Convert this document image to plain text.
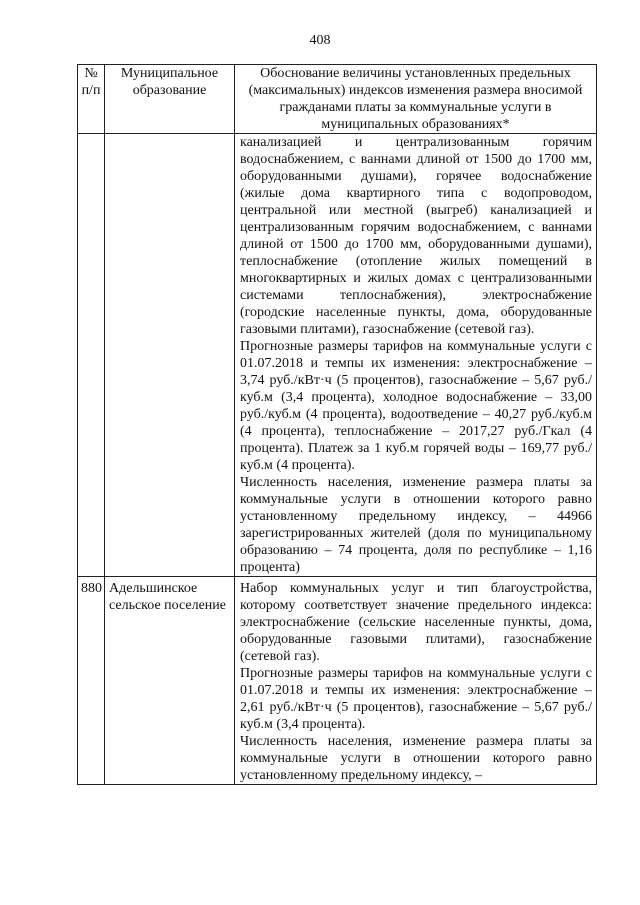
408
№ п/п	Муниципальное образование	Обоснование величины установленных предельных (максимальных) индексов изменения размера вносимой гражданами платы за коммунальные услуги в муниципальных образованиях*

		канализацией и централизованным горячим водоснабжением, с ваннами длиной от 1500 до 1700 мм, оборудованными душами), горячее водоснабжение (жилые дома квартирного типа с водопроводом, центральной или местной (выгреб) канализацией и централизованным горячим водоснабжением, с ваннами длиной от 1500 до 1700 мм, оборудованными душами), теплоснабжение (отопление жилых помещений в многоквартирных и жилых домах с централизованными системами теплоснабжения), электроснабжение (городские населенные пункты, дома, оборудованные газовыми плитами), газоснабжение (сетевой газ).

Прогнозные размеры тарифов на коммунальные услуги с 01.07.2018 и темпы их изменения: электроснабжение – 3,74 руб./кВт·ч (5 процентов), газоснабжение – 5,67 руб./куб.м (3,4 процента), холодное водоснабжение – 33,00 руб./куб.м (4 процента), водоотведение – 40,27 руб./куб.м (4 процента), теплоснабжение – 2017,27 руб./Гкал (4 процента). Платеж за 1 куб.м горячей воды – 169,77 руб./куб.м (4 процента).

Численность населения, изменение размера платы за коммунальные услуги в отношении которого равно установленному предельному индексу, – 44966 зарегистрированных жителей (доля по муниципальному образованию – 74 процента, доля по республике – 1,16 процента)

880	Адельшинское сельское поселение	Набор коммунальных услуг и тип благоустройства, которому соответствует значение предельного индекса: электроснабжение (сельские населенные пункты, дома, оборудованные газовыми плитами), газоснабжение (сетевой газ).

Прогнозные размеры тарифов на коммунальные услуги с 01.07.2018 и темпы их изменения: электроснабжение – 2,61 руб./кВт·ч (5 процентов), газоснабжение – 5,67 руб./куб.м (3,4 процента).

Численность населения, изменение размера платы за коммунальные услуги в отношении которого равно установленному предельному индексу, –
